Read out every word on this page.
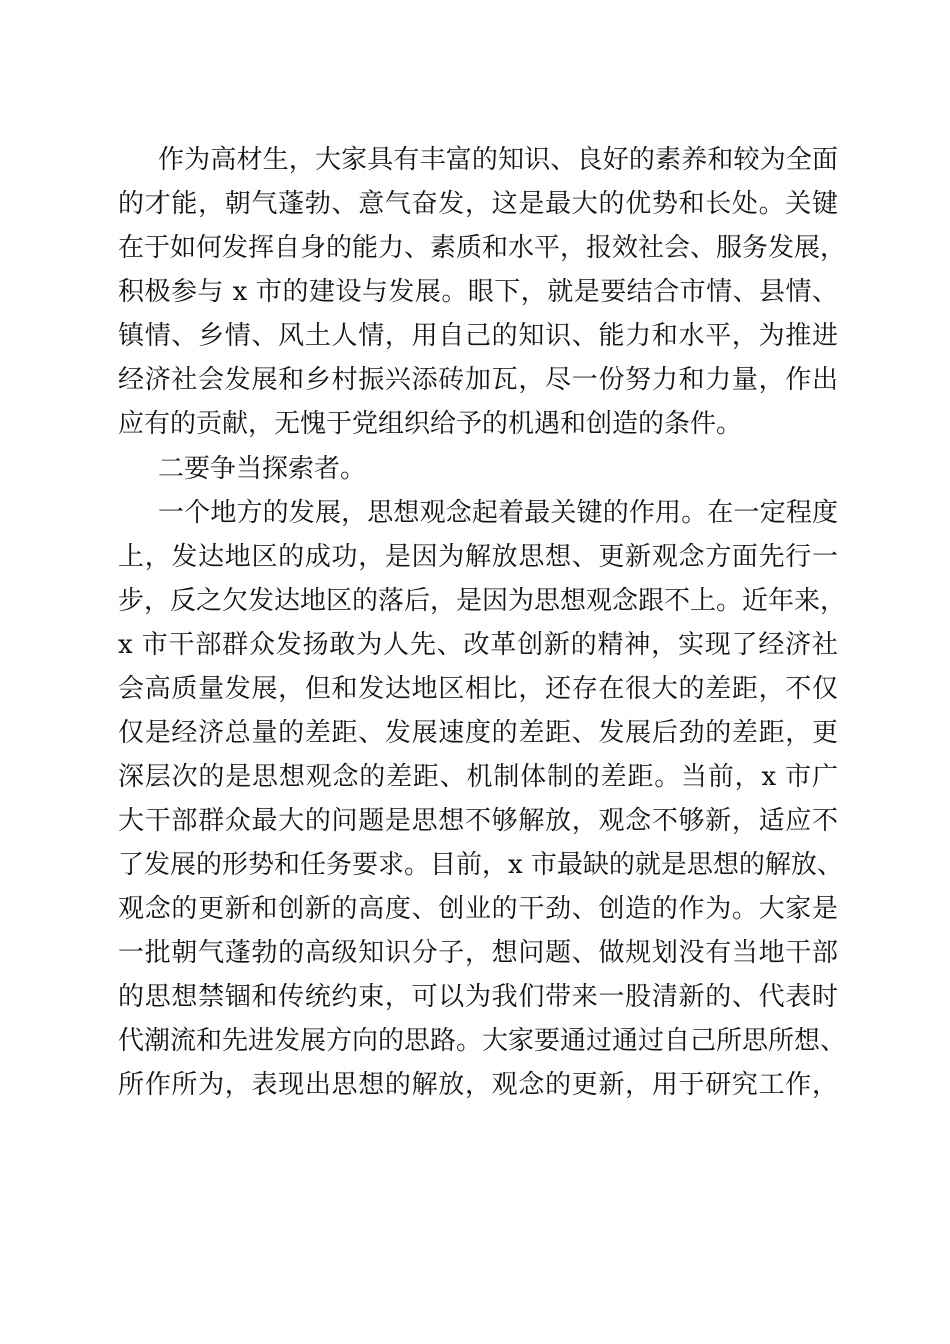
作为高材生，大家具有丰富的知识、良好的素养和较为全面
的才能，朝气蓬勃、意气奋发，这是最大的优势和长处。关键
在于如何发挥自身的能力、素质和水平，报效社会、服务发展，
积极参与 x 市的建设与发展。眼下，就是要结合市情、县情、
镇情、乡情、风土人情，用自己的知识、能力和水平，为推进
经济社会发展和乡村振兴添砖加瓦，尽一份努力和力量，作出
应有的贡献，无愧于党组织给予的机遇和创造的条件。
二要争当探索者。
一个地方的发展，思想观念起着最关键的作用。在一定程度
上，发达地区的成功，是因为解放思想、更新观念方面先行一
步，反之欠发达地区的落后，是因为思想观念跟不上。近年来，
x 市干部群众发扬敢为人先、改革创新的精神，实现了经济社
会高质量发展，但和发达地区相比，还存在很大的差距，不仅
仅是经济总量的差距、发展速度的差距、发展后劲的差距，更
深层次的是思想观念的差距、机制体制的差距。当前，x 市广
大干部群众最大的问题是思想不够解放，观念不够新，适应不
了发展的形势和任务要求。目前，x 市最缺的就是思想的解放、
观念的更新和创新的高度、创业的干劲、创造的作为。大家是
一批朝气蓬勃的高级知识分子，想问题、做规划没有当地干部
的思想禁锢和传统约束，可以为我们带来一股清新的、代表时
代潮流和先进发展方向的思路。大家要通过通过自己所思所想、
所作所为，表现出思想的解放，观念的更新，用于研究工作，
